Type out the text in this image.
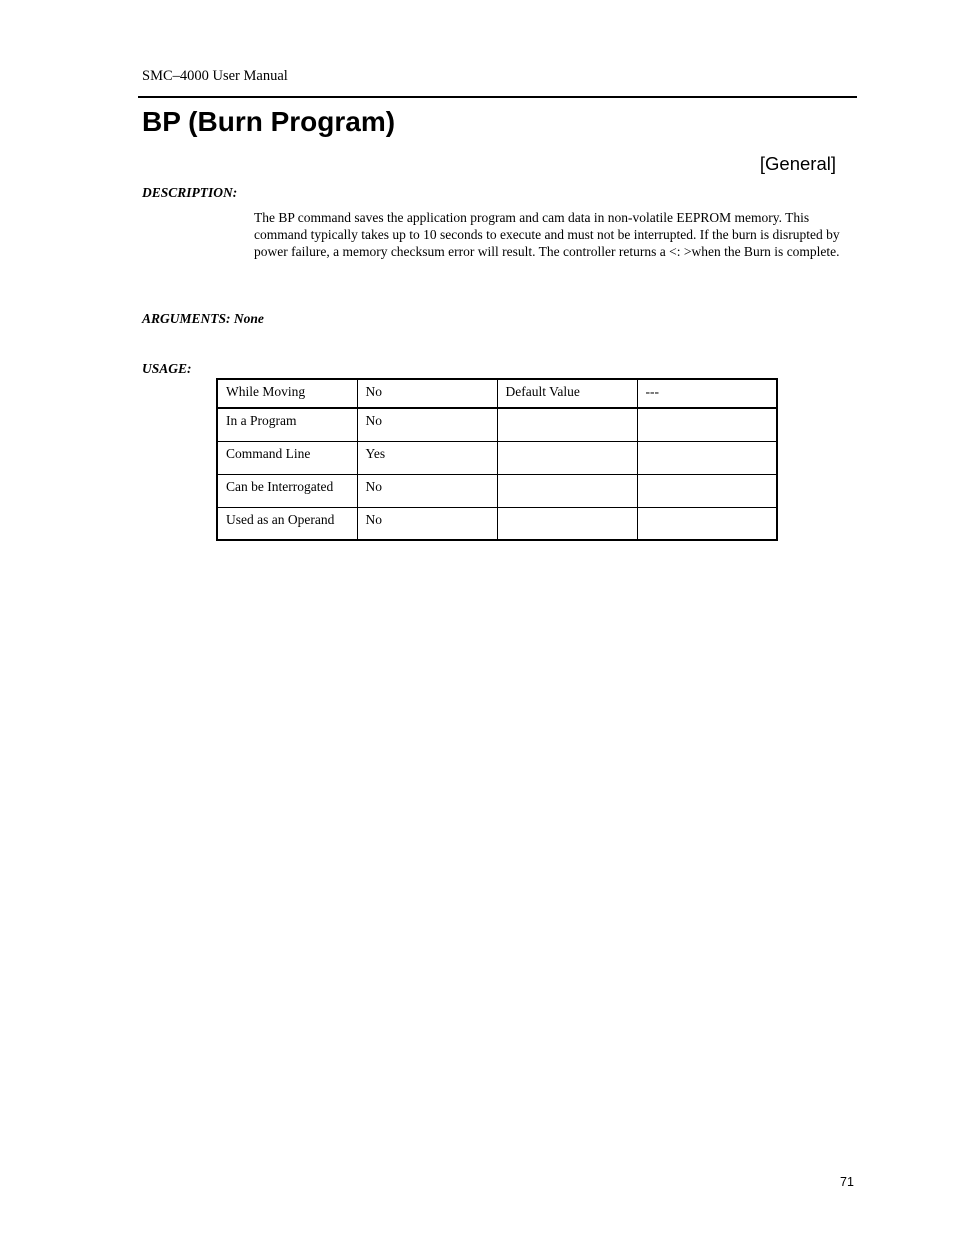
SMC–4000 User Manual
BP (Burn Program)
[General]
DESCRIPTION:

The BP command saves the application program and cam data in non-volatile EEPROM memory. This command typically takes up to 10 seconds to execute and must not be interrupted. If the burn is disrupted by power failure, a memory checksum error will result. The controller returns a <: >when the Burn is complete.

ARGUMENTS: None
USAGE:
While Moving	No	Default Value	---
In a Program	No		
Command Line	Yes		
Can be Interrogated	No		
Used as an Operand	No		
71
